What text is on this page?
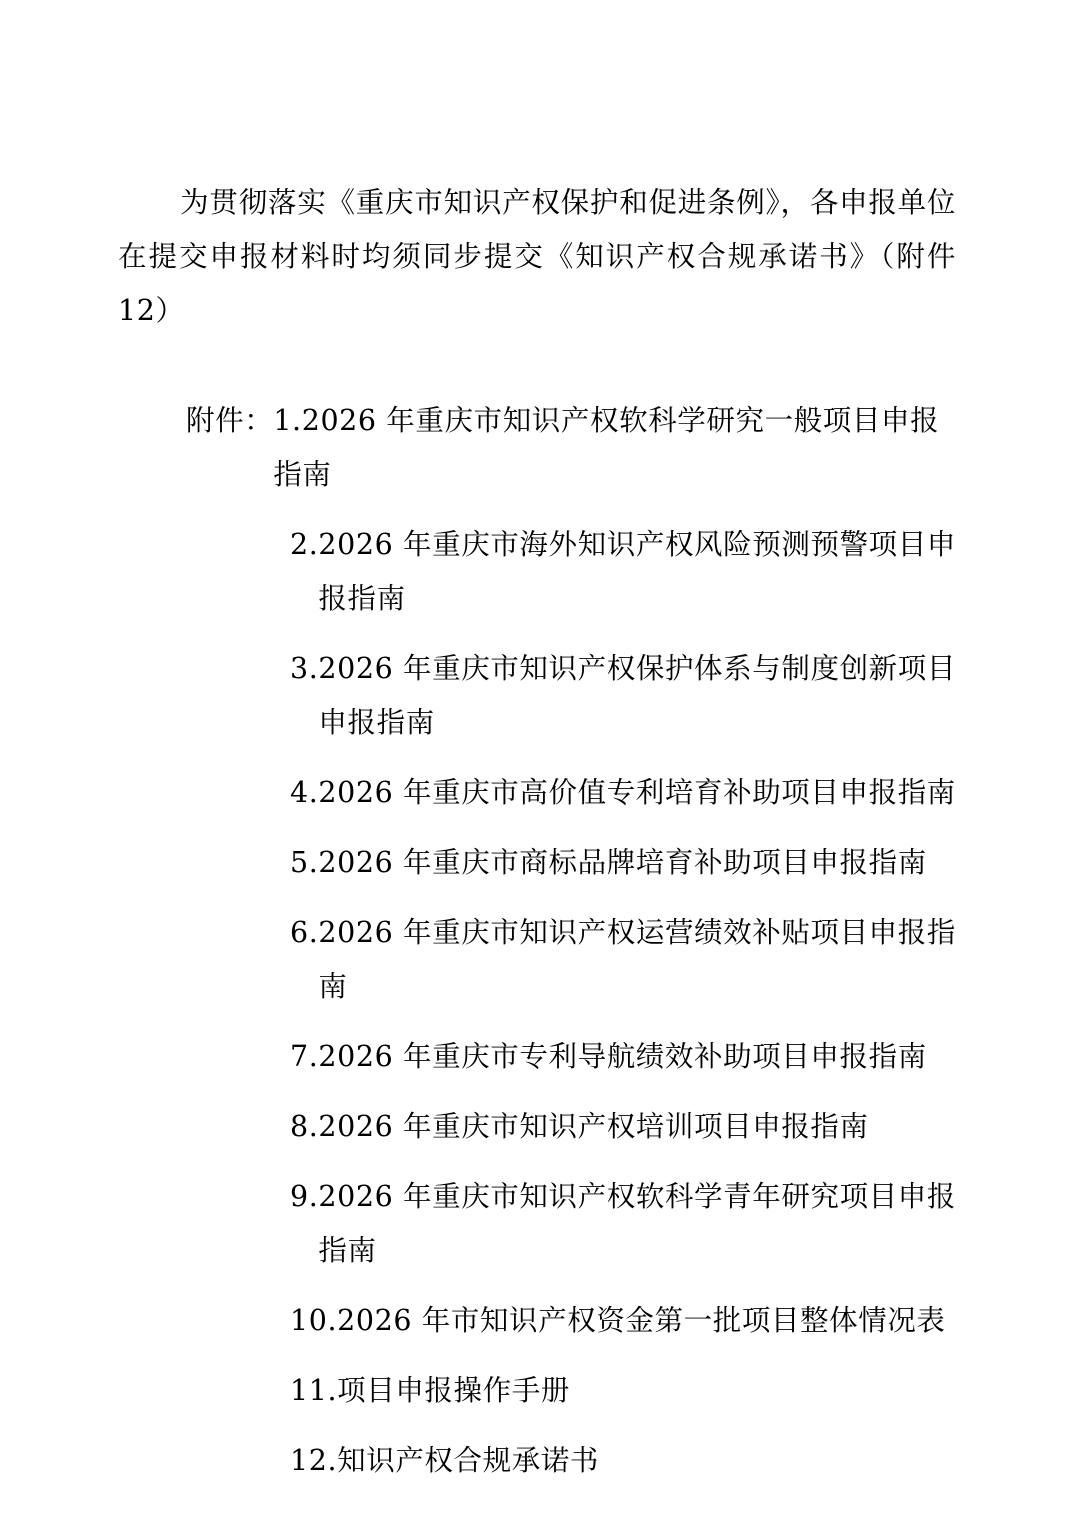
为贯彻落实《重庆市知识产权保护和促进条例》，各申报单位在提交申报材料时均须同步提交《知识产权合规承诺书》（附件 12）

附件： 1.2026 年重庆市知识产权软科学研究一般项目申报指南
2. 2026 年重庆市海外知识产权风险预测预警项目申报指南
3. 2026 年重庆市知识产权保护体系与制度创新项目申报指南
4. 2026 年重庆市高价值专利培育补助项目申报指南
5. 2026 年重庆市商标品牌培育补助项目申报指南
6. 2026 年重庆市知识产权运营绩效补贴项目申报指南
7. 2026 年重庆市专利导航绩效补助项目申报指南
8. 2026 年重庆市知识产权培训项目申报指南
9. 2026 年重庆市知识产权软科学青年研究项目申报指南
10. 2026 年市知识产权资金第一批项目整体情况表
11. 项目申报操作手册
12. 知识产权合规承诺书
